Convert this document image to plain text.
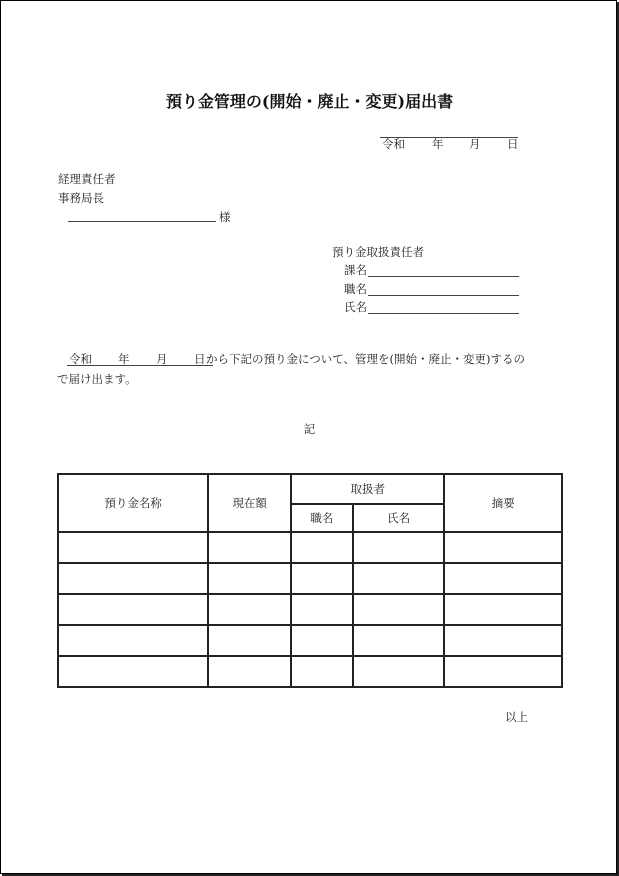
預り金管理の(開始・廃止・変更)届出書
令和 年 月 日
経理責任者
事務局長
様
預り金取扱責任者
課名
職名
氏名
令和 年 月 日 から下記の預り金について、管理を(開始・廃止・変更)するの
で届け出ます。
記
預り金名称	現在額	取扱者		摘要
		職名	氏名	

以上
